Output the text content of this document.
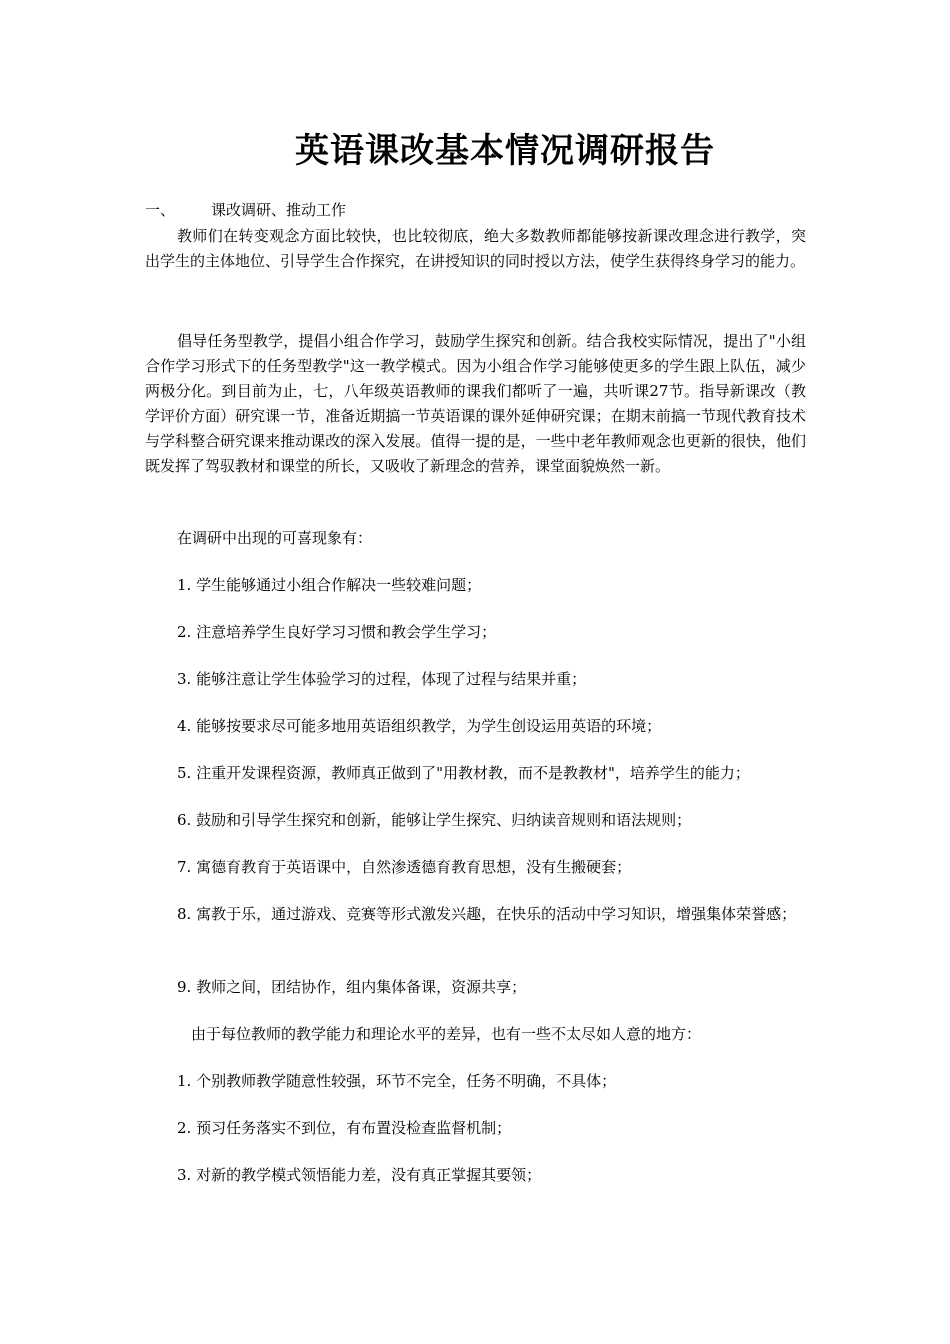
英语课改基本情况调研报告
一、 课改调研、推动工作

教师们在转变观念方面比较快，也比较彻底，绝大多数教师都能够按新课改理念进行教学，突出学生的主体地位、引导学生合作探究，在讲授知识的同时授以方法，使学生获得终身学习的能力。

倡导任务型教学，提倡小组合作学习，鼓励学生探究和创新。结合我校实际情况，提出了"小组合作学习形式下的任务型教学"这一教学模式。因为小组合作学习能够使更多的学生跟上队伍，减少两极分化。到目前为止，七，八年级英语教师的课我们都听了一遍，共听课27节。指导新课改（教学评价方面）研究课一节，准备近期搞一节英语课的课外延伸研究课；在期末前搞一节现代教育技术与学科整合研究课来推动课改的深入发展。值得一提的是，一些中老年教师观念也更新的很快，他们既发挥了驾驭教材和课堂的所长，又吸收了新理念的营养，课堂面貌焕然一新。

在调研中出现的可喜现象有：

1. 学生能够通过小组合作解决一些较难问题；
2. 注意培养学生良好学习习惯和教会学生学习；
3. 能够注意让学生体验学习的过程，体现了过程与结果并重；
4. 能够按要求尽可能多地用英语组织教学，为学生创设运用英语的环境；
5. 注重开发课程资源，教师真正做到了"用教材教，而不是教教材"，培养学生的能力；
6. 鼓励和引导学生探究和创新，能够让学生探究、归纳读音规则和语法规则；
7. 寓德育教育于英语课中，自然渗透德育教育思想，没有生搬硬套；
8. 寓教于乐，通过游戏、竞赛等形式激发兴趣，在快乐的活动中学习知识，增强集体荣誉感；
9. 教师之间，团结协作，组内集体备课，资源共享；

由于每位教师的教学能力和理论水平的差异，也有一些不太尽如人意的地方：

1. 个别教师教学随意性较强，环节不完全，任务不明确，不具体；
2. 预习任务落实不到位，有布置没检查监督机制；
3. 对新的教学模式领悟能力差，没有真正掌握其要领；
